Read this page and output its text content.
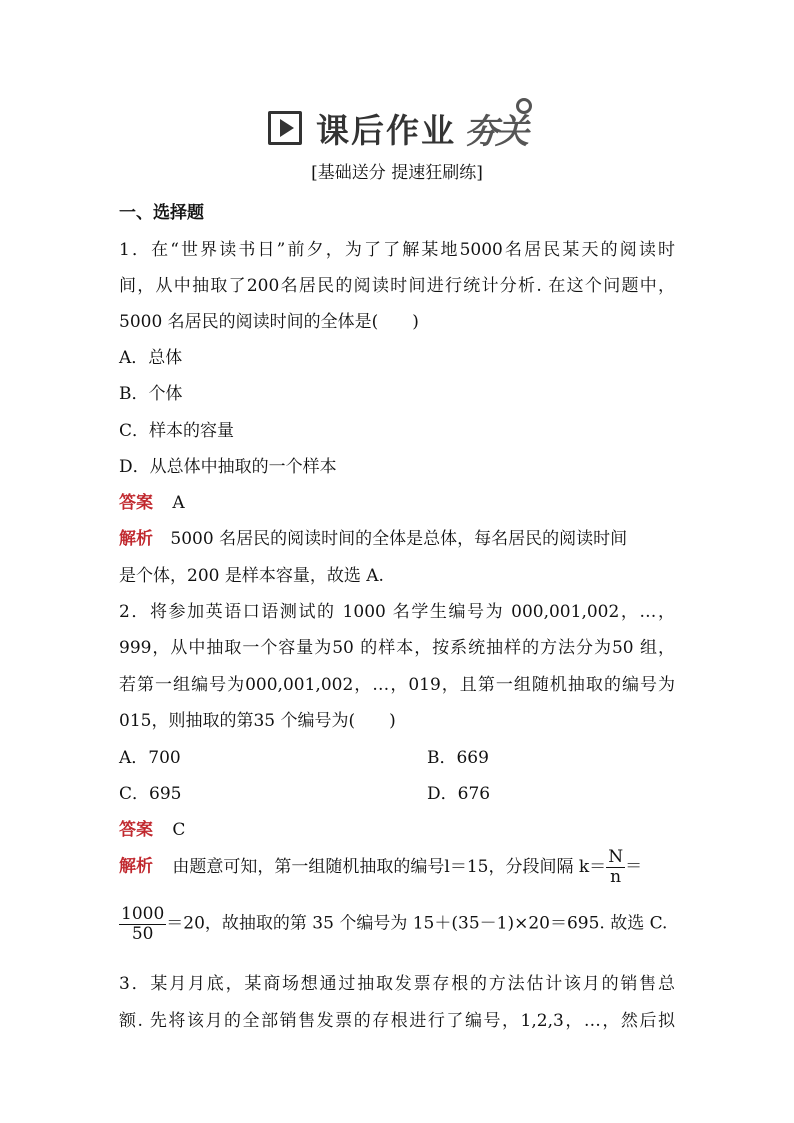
课后作业 夯关
[基础送分 提速狂刷练]
一、选择题
1．在“世界读书日”前夕，为了了解某地5000名居民某天的阅读时
间，从中抽取了200名居民的阅读时间进行统计分析. 在这个问题中，
5000 名居民的阅读时间的全体是(　　)
A．总体
B．个体
C．样本的容量
D．从总体中抽取的一个样本
答案 A
解析 5000 名居民的阅读时间的全体是总体，每名居民的阅读时间
是个体，200 是样本容量，故选 A.
2．将参加英语口语测试的 1000 名学生编号为 000,001,002，…，
999，从中抽取一个容量为50 的样本，按系统抽样的方法分为50 组，
若第一组编号为000,001,002，…，019，且第一组随机抽取的编号为
015，则抽取的第35 个编号为(　　)
A．700	B．669
C．695	D．676
答案 C
解析 由题意可知，第一组随机抽取的编号l＝15，分段间隔 $k= \frac{N}{n}$ ＝
$\frac{1000}{50} =20$，故抽取的第 35 个编号为 15＋(35－1)×20＝695. 故选 C.
3．某月月底，某商场想通过抽取发票存根的方法估计该月的销售总
额. 先将该月的全部销售发票的存根进行了编号，1,2,3，…，然后拟
